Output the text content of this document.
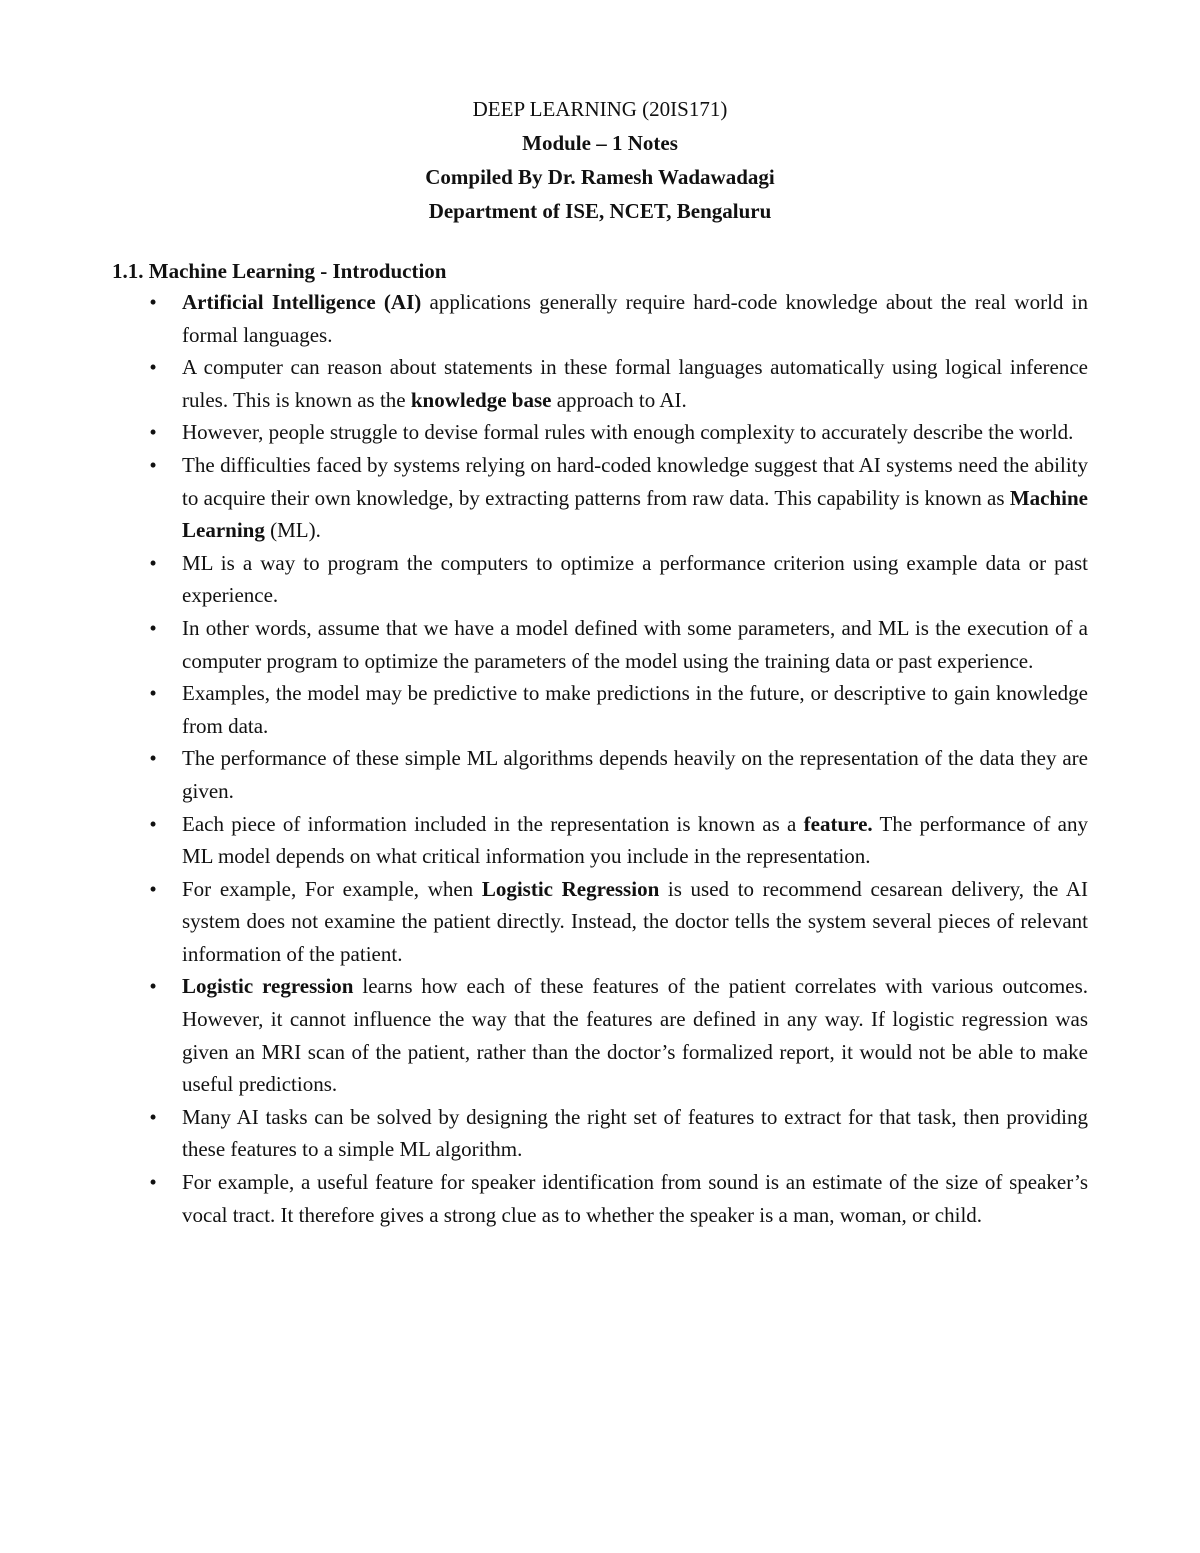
DEEP LEARNING (20IS171)
Module – 1 Notes
Compiled By Dr. Ramesh Wadawadagi
Department of ISE, NCET, Bengaluru
1.1. Machine Learning - Introduction
• Artificial Intelligence (AI) applications generally require hard-code knowledge about the real world in formal languages.
• A computer can reason about statements in these formal languages automatically using logical inference rules. This is known as the knowledge base approach to AI.
• However, people struggle to devise formal rules with enough complexity to accurately describe the world.
• The difficulties faced by systems relying on hard-coded knowledge suggest that AI systems need the ability to acquire their own knowledge, by extracting patterns from raw data. This capability is known as Machine Learning (ML).
• ML is a way to program the computers to optimize a performance criterion using example data or past experience.
• In other words, assume that we have a model defined with some parameters, and ML is the execution of a computer program to optimize the parameters of the model using the training data or past experience.
• Examples, the model may be predictive to make predictions in the future, or descriptive to gain knowledge from data.
• The performance of these simple ML algorithms depends heavily on the representation of the data they are given.
• Each piece of information included in the representation is known as a feature. The performance of any ML model depends on what critical information you include in the representation.
• For example, For example, when Logistic Regression is used to recommend cesarean delivery, the AI system does not examine the patient directly. Instead, the doctor tells the system several pieces of relevant information of the patient.
• Logistic regression learns how each of these features of the patient correlates with various outcomes. However, it cannot influence the way that the features are defined in any way. If logistic regression was given an MRI scan of the patient, rather than the doctor’s formalized report, it would not be able to make useful predictions.
• Many AI tasks can be solved by designing the right set of features to extract for that task, then providing these features to a simple ML algorithm.
• For example, a useful feature for speaker identification from sound is an estimate of the size of speaker’s vocal tract. It therefore gives a strong clue as to whether the speaker is a man, woman, or child.
